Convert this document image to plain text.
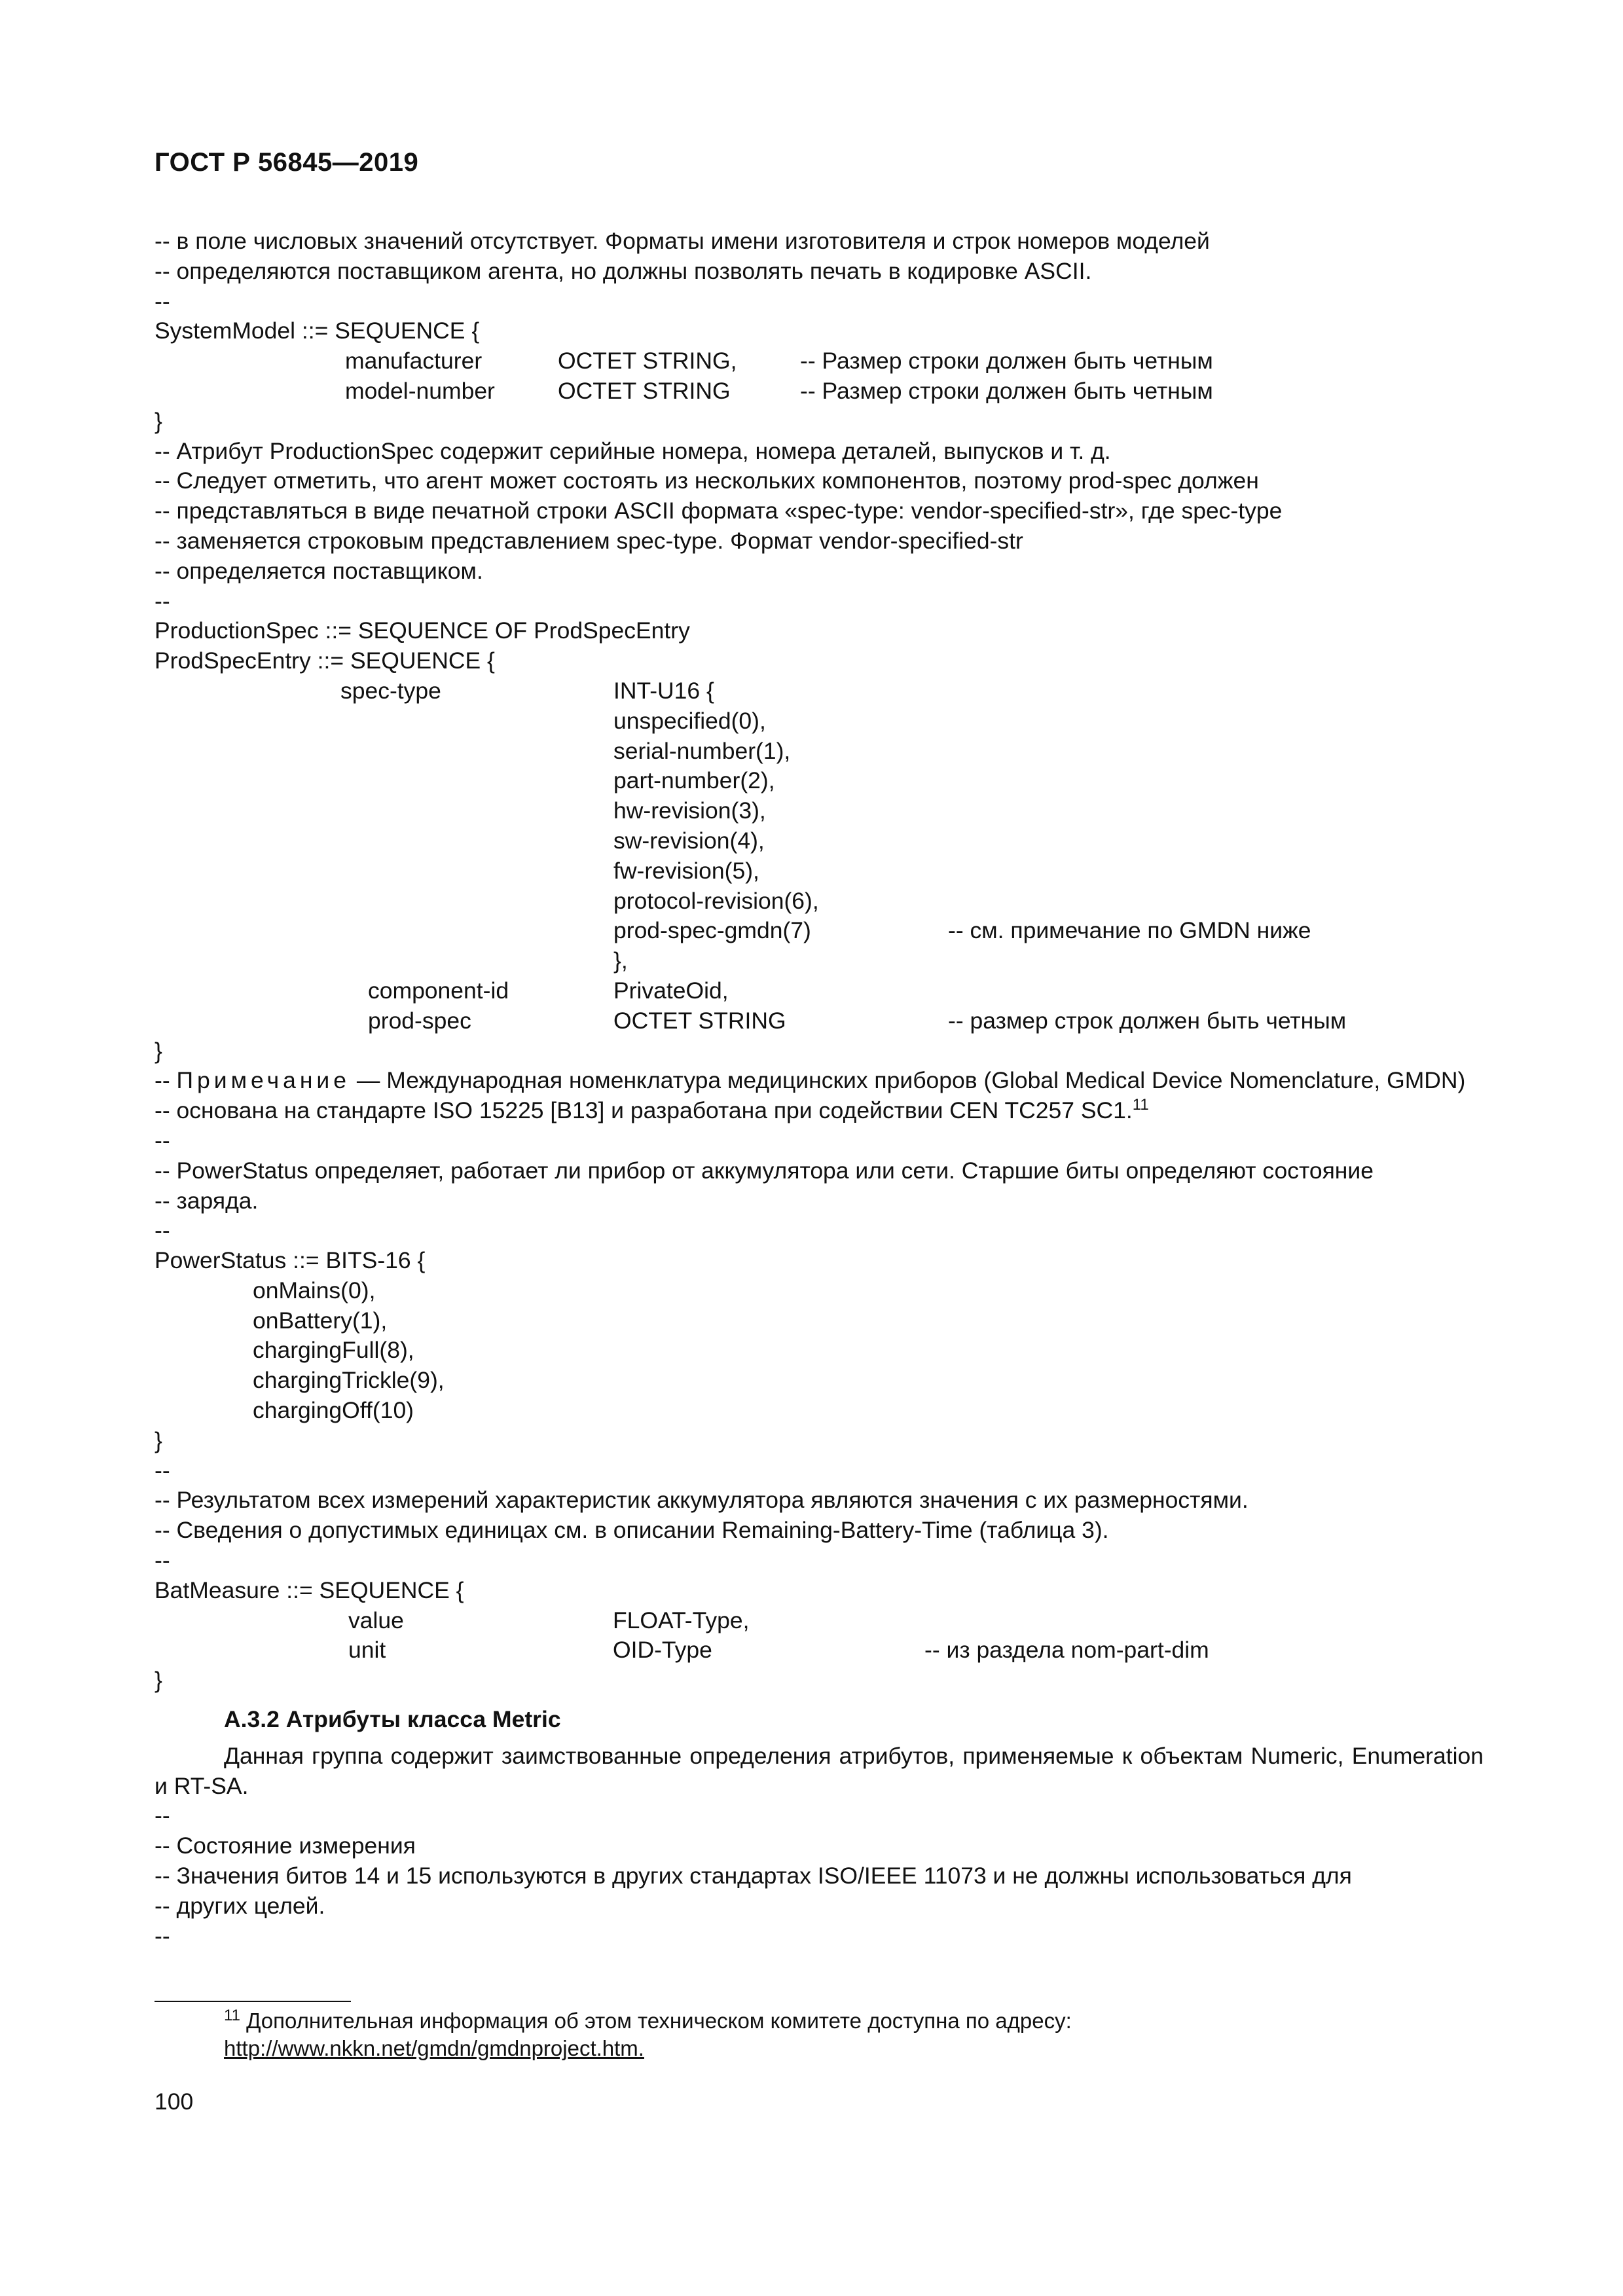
ГОСТ Р 56845—2019
-- в поле числовых значений отсутствует. Форматы имени изготовителя и строк номеров моделей
-- определяются поставщиком агента, но должны позволять печать в кодировке ASCII.
--
SystemModel ::= SEQUENCE {
manufacturer	OCTET STRING,	-- Размер строки должен быть четным
model-number	OCTET STRING	-- Размер строки должен быть четным
}
-- Атрибут ProductionSpec содержит серийные номера, номера деталей, выпусков и т. д.
-- Следует отметить, что агент может состоять из нескольких компонентов, поэтому prod-spec должен
-- представляться в виде печатной строки ASCII формата «spec-type: vendor-specified-str», где spec-type
-- заменяется строковым представлением spec-type. Формат vendor-specified-str
-- определяется поставщиком.
--
ProductionSpec ::= SEQUENCE OF ProdSpecEntry
ProdSpecEntry ::= SEQUENCE {
spec-type	INT-U16 {
unspecified(0),
serial-number(1),
part-number(2),
hw-revision(3),
sw-revision(4),
fw-revision(5),
protocol-revision(6),
prod-spec-gmdn(7)	-- см. примечание по GMDN ниже
},
component-id	PrivateOid,
prod-spec	OCTET STRING	-- размер строк должен быть четным
}
-- Примечание — Международная номенклатура медицинских приборов (Global Medical Device Nomenclature, GMDN)
-- основана на стандарте ISO 15225 [B13] и разработана при содействии CEN TC257 SC1.11
--
-- PowerStatus определяет, работает ли прибор от аккумулятора или сети. Старшие биты определяют состояние
-- заряда.
--
PowerStatus ::= BITS-16 {
onMains(0),
onBattery(1),
chargingFull(8),
chargingTrickle(9),
chargingOff(10)
}
--
-- Результатом всех измерений характеристик аккумулятора являются значения с их размерностями.
-- Сведения о допустимых единицах см. в описании Remaining-Battery-Time (таблица 3).
--
BatMeasure ::= SEQUENCE {
value	FLOAT-Type,
unit	OID-Type	-- из раздела nom-part-dim
}
А.3.2 Атрибуты класса Metric
Данная группа содержит заимствованные определения атрибутов, применяемые к объектам Numeric, Enumeration и RT-SA.
--
-- Состояние измерения
-- Значения битов 14 и 15 используются в других стандартах ISO/IEEE 11073 и не должны использоваться для
-- других целей.
--
$^{11}$ Дополнительная информация об этом техническом комитете доступна по адресу:
http://www.nkkn.net/gmdn/gmdnproject.htm.
100
